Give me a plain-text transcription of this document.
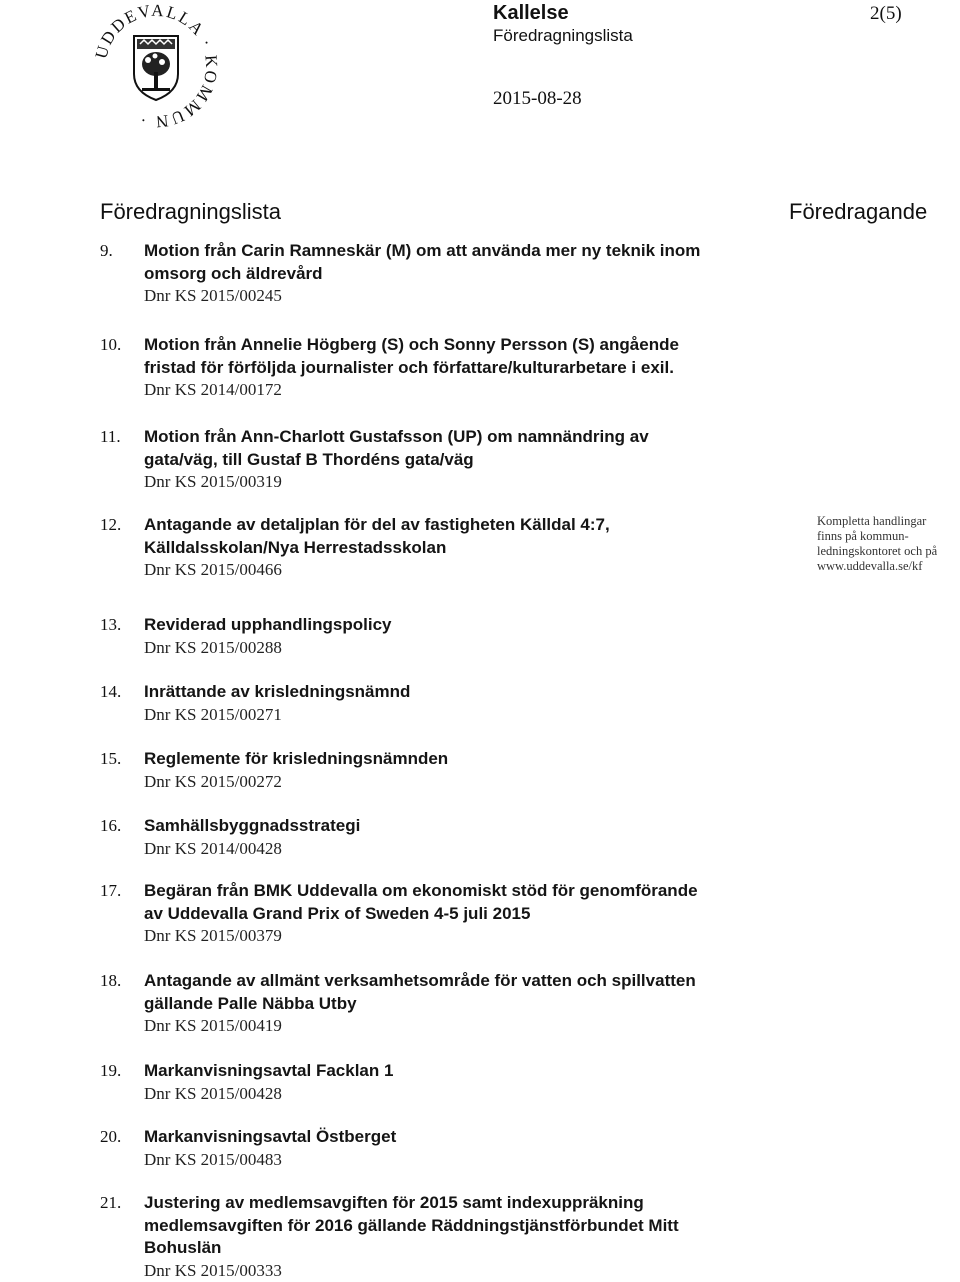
UDDEVALLA · KOMMUN ·
Kallelse
Föredragningslista
2(5)
2015-08-28
Föredragningslista	Föredragande
9.	Motion från Carin Ramneskär (M) om att använda mer ny teknik inom
omsorg och äldrevård
Dnr KS 2015/00245
10.	Motion från Annelie Högberg (S) och Sonny Persson (S) angående
fristad för förföljda journalister och författare/kulturarbetare i exil.
Dnr KS 2014/00172
11.	Motion från Ann-Charlott Gustafsson (UP) om namnändring av
gata/väg, till Gustaf B Thordéns gata/väg
Dnr KS 2015/00319
12.	Antagande av detaljplan för del av fastigheten Källdal 4:7,
Källdalsskolan/Nya Herrestadsskolan
Dnr KS 2015/00466
13.	Reviderad upphandlingspolicy
Dnr KS 2015/00288
14.	Inrättande av krisledningsnämnd
Dnr KS 2015/00271
15.	Reglemente för krisledningsnämnden
Dnr KS 2015/00272
16.	Samhällsbyggnadsstrategi
Dnr KS 2014/00428
17.	Begäran från BMK Uddevalla om ekonomiskt stöd för genomförande
av Uddevalla Grand Prix of Sweden 4-5 juli 2015
Dnr KS 2015/00379
18.	Antagande av allmänt verksamhetsområde för vatten och spillvatten
gällande Palle Näbba Utby
Dnr KS 2015/00419
19.	Markanvisningsavtal Facklan 1
Dnr KS 2015/00428
20.	Markanvisningsavtal Östberget
Dnr KS 2015/00483
21.	Justering av medlemsavgiften för 2015 samt indexuppräkning
medlemsavgiften för 2016 gällande Räddningstjänstförbundet Mitt
Bohuslän
Dnr KS 2015/00333
Kompletta handlingar
finns på kommun-
ledningskontoret och på
www.uddevalla.se/kf
